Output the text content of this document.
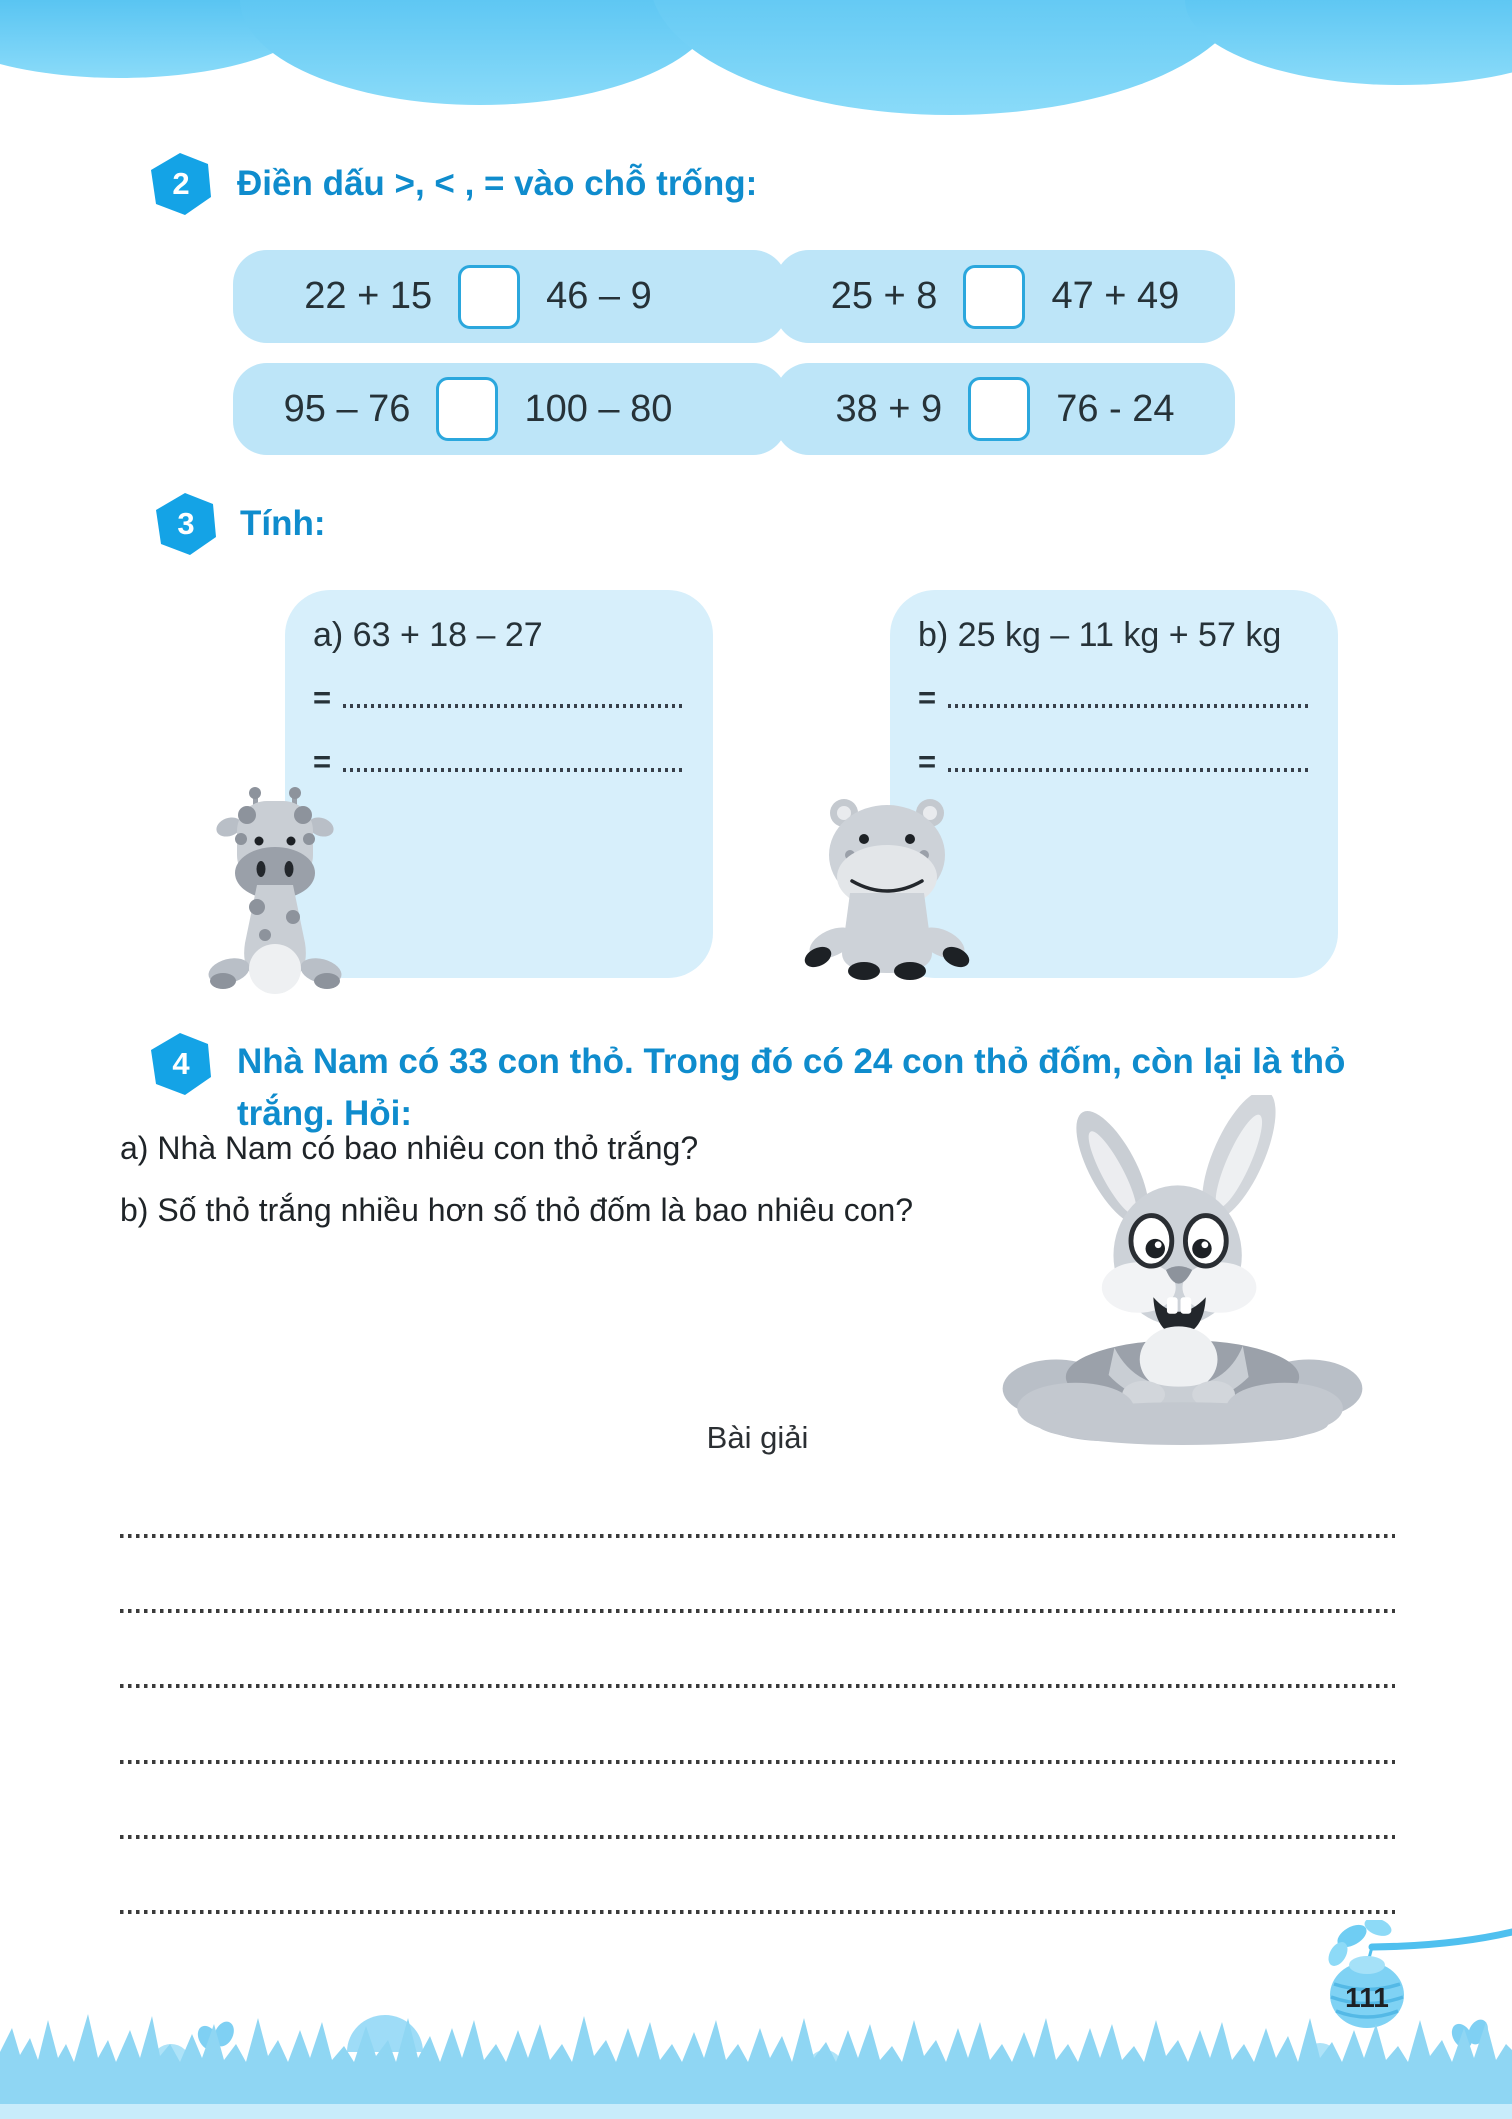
2	Điền dấu >, < , = vào chỗ trống:
22 + 15	46 – 9	25 + 8	47 + 49
95 – 76	100 – 80	38 + 9	76 - 24
3	Tính:
a) 63 + 18 – 27
=
=
b) 25 kg – 11 kg + 57 kg
=
=
4	Nhà Nam có 33 con thỏ. Trong đó có 24 con thỏ đốm, còn lại là thỏ
trắng. Hỏi:
a) Nhà Nam có bao nhiêu con thỏ trắng?
b) Số thỏ trắng nhiều hơn số thỏ đốm là bao nhiêu con?
Bài giải
111
